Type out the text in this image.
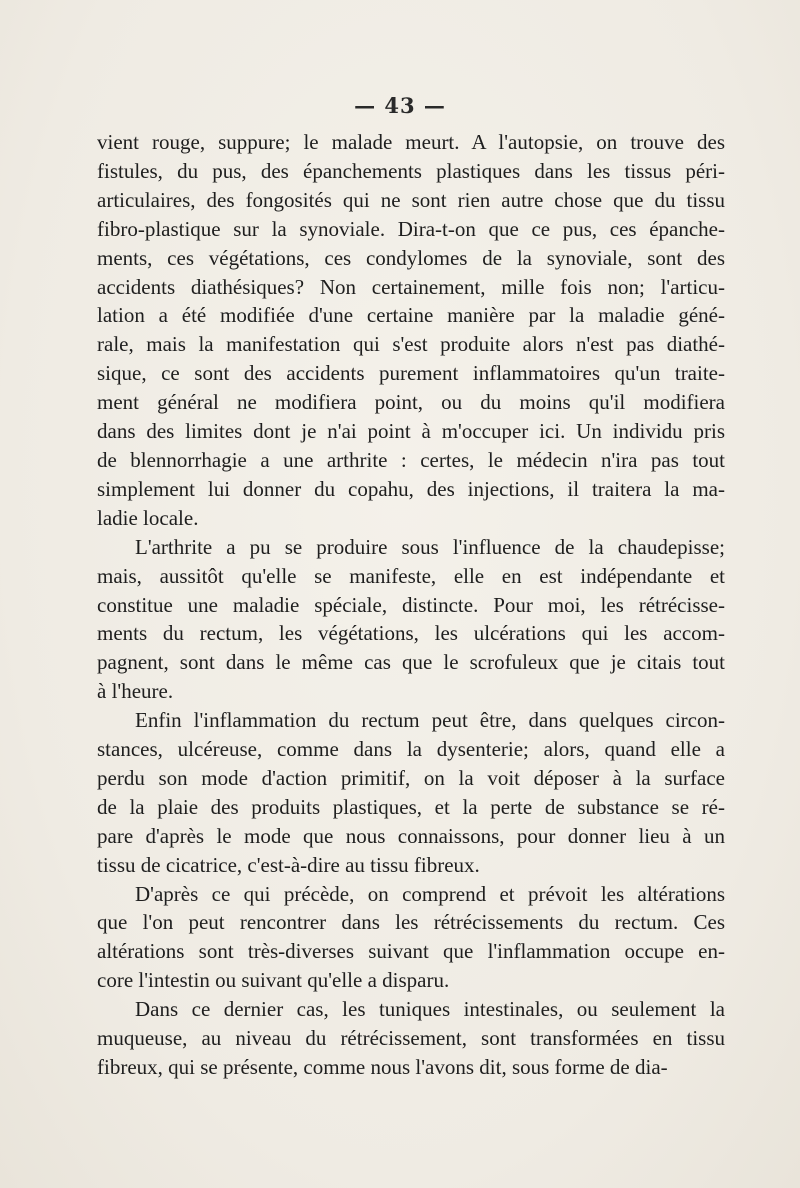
— 43 —
vient rouge, suppure; le malade meurt. A l'autopsie, on trouve des
fistules, du pus, des épanchements plastiques dans les tissus péri-
articulaires, des fongosités qui ne sont rien autre chose que du tissu
fibro-plastique sur la synoviale. Dira-t-on que ce pus, ces épanche-
ments, ces végétations, ces condylomes de la synoviale, sont des
accidents diathésiques? Non certainement, mille fois non; l'articu-
lation a été modifiée d'une certaine manière par la maladie géné-
rale, mais la manifestation qui s'est produite alors n'est pas diathé-
sique, ce sont des accidents purement inflammatoires qu'un traite-
ment général ne modifiera point, ou du moins qu'il modifiera
dans des limites dont je n'ai point à m'occuper ici. Un individu pris
de blennorrhagie a une arthrite : certes, le médecin n'ira pas tout
simplement lui donner du copahu, des injections, il traitera la ma-
ladie locale.
L'arthrite a pu se produire sous l'influence de la chaudepisse;
mais, aussitôt qu'elle se manifeste, elle en est indépendante et
constitue une maladie spéciale, distincte. Pour moi, les rétrécisse-
ments du rectum, les végétations, les ulcérations qui les accom-
pagnent, sont dans le même cas que le scrofuleux que je citais tout
à l'heure.
Enfin l'inflammation du rectum peut être, dans quelques circon-
stances, ulcéreuse, comme dans la dysenterie; alors, quand elle a
perdu son mode d'action primitif, on la voit déposer à la surface
de la plaie des produits plastiques, et la perte de substance se ré-
pare d'après le mode que nous connaissons, pour donner lieu à un
tissu de cicatrice, c'est-à-dire au tissu fibreux.
D'après ce qui précède, on comprend et prévoit les altérations
que l'on peut rencontrer dans les rétrécissements du rectum. Ces
altérations sont très-diverses suivant que l'inflammation occupe en-
core l'intestin ou suivant qu'elle a disparu.
Dans ce dernier cas, les tuniques intestinales, ou seulement la
muqueuse, au niveau du rétrécissement, sont transformées en tissu
fibreux, qui se présente, comme nous l'avons dit, sous forme de dia-
